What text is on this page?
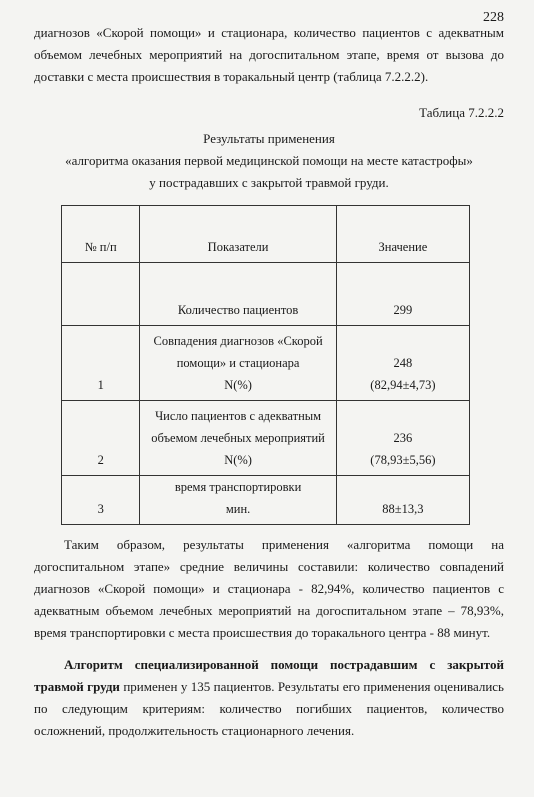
228

диагнозов «Скорой помощи» и стационара, количество пациентов с адекватным объемом лечебных мероприятий на догоспитальном этапе, время от вызова до доставки с места происшествия в торакальный центр (таблица 7.2.2.2).

Таблица 7.2.2.2
Результаты применения
«алгоритма оказания первой медицинской помощи на месте катастрофы»
у пострадавших с закрытой травмой груди.
№ п/п	Показатели	Значение

	Количество пациентов	299

1	Совпадения диагнозов «Скорой
помощи» и стационара
N(%)	248
(82,94±4,73)

2	Число пациентов с адекватным
объемом лечебных мероприятий
N(%)	236
(78,93±5,56)

3	время транспортировки
мин.	88±13,3

Таким образом, результаты применения «алгоритма помощи на догоспитальном этапе» средние величины составили: количество совпадений диагнозов «Скорой помощи» и стационара - 82,94%, количество пациентов с адекватным объемом лечебных мероприятий на догоспитальном этапе – 78,93%, время транспортировки с места происшествия до торакального центра - 88 минут.

Алгоритм специализированной помощи пострадавшим с закрытой травмой груди применен у 135 пациентов. Результаты его применения оценивались по следующим критериям: количество погибших пациентов, количество осложнений, продолжительность стационарного лечения.
